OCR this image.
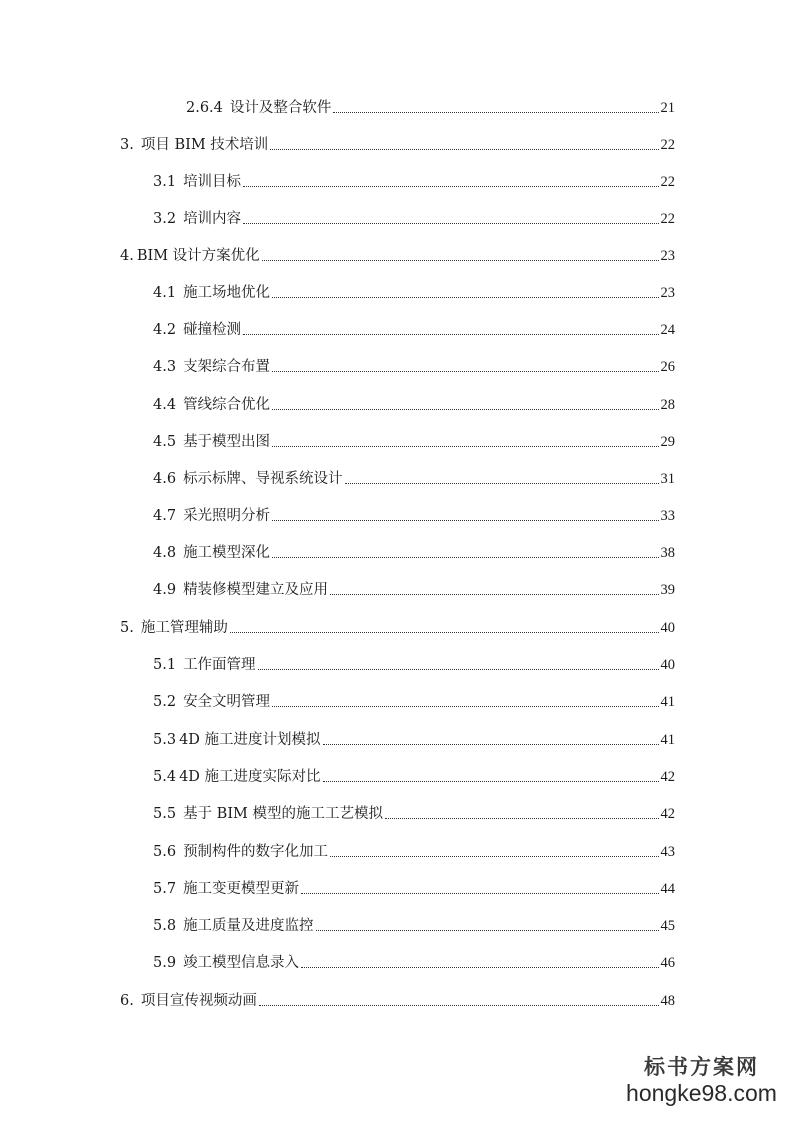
2.6.4 设计及整合软件	21
3. 项目 BIM 技术培训	22
3.1 培训目标	22
3.2 培训内容	22
4. BIM 设计方案优化	23
4.1 施工场地优化	23
4.2 碰撞检测	24
4.3 支架综合布置	26
4.4 管线综合优化	28
4.5 基于模型出图	29
4.6 标示标牌、导视系统设计	31
4.7 采光照明分析	33
4.8 施工模型深化	38
4.9 精装修模型建立及应用	39
5. 施工管理辅助	40
5.1 工作面管理	40
5.2 安全文明管理	41
5.3 4D 施工进度计划模拟	41
5.4 4D 施工进度实际对比	42
5.5 基于 BIM 模型的施工工艺模拟	42
5.6 预制构件的数字化加工	43
5.7 施工变更模型更新	44
5.8 施工质量及进度监控	45
5.9 竣工模型信息录入	46
6. 项目宣传视频动画	48
标书方案网
hongke98.com
